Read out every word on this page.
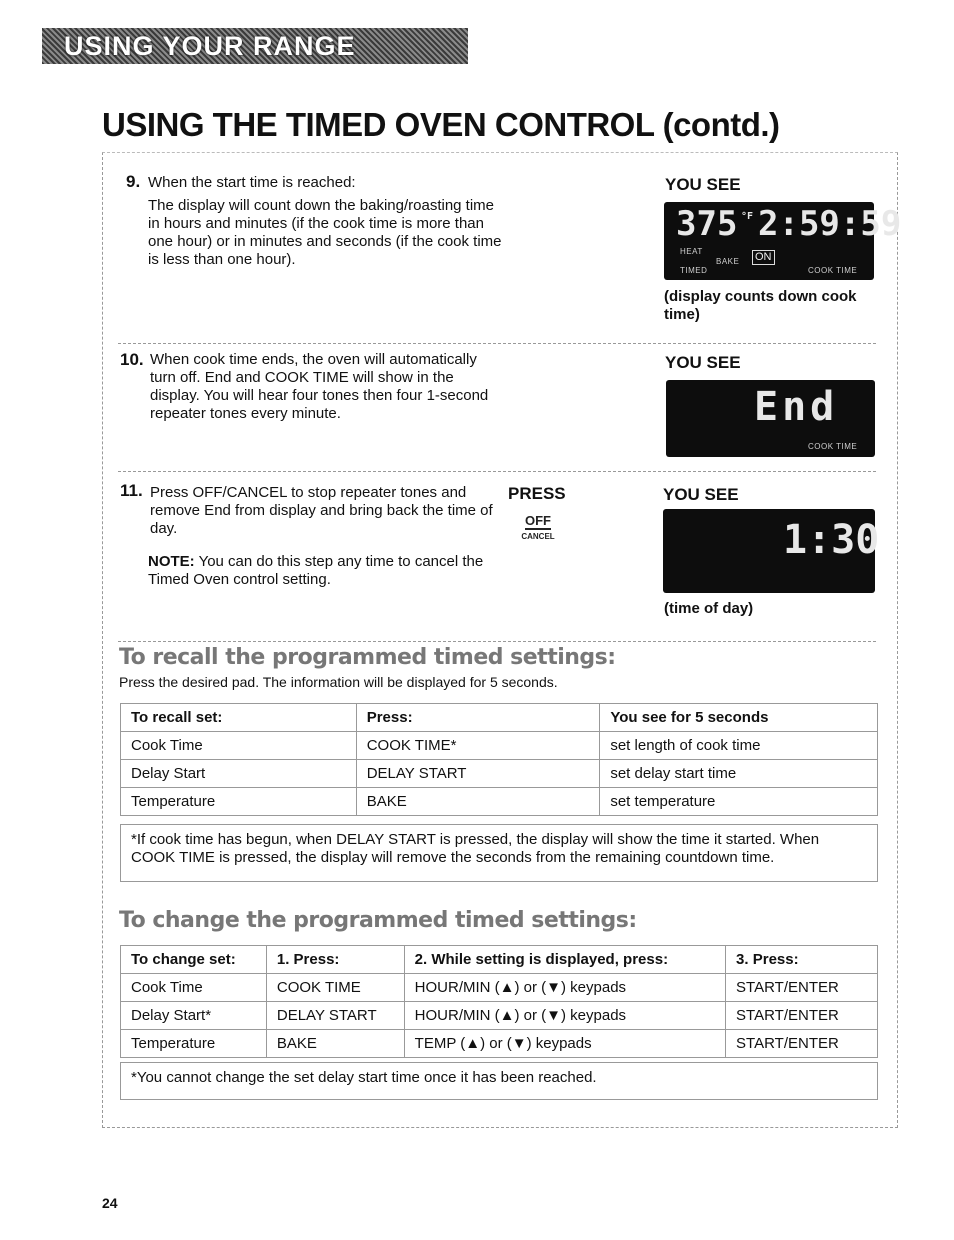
USING YOUR RANGE
USING THE TIMED OVEN CONTROL (contd.)
9. When the start time is reached:
The display will count down the baking/roasting time in hours and minutes (if the cook time is more than one hour) or in minutes and seconds (if the cook time is less than one hour).
YOU SEE
375 °F 2:59:59
HEAT
TIMED
BAKE ON
COOK TIME
(display counts down cook time)
10. When cook time ends, the oven will automatically turn off. End and COOK TIME will show in the display. You will hear four tones then four 1-second repeater tones every minute.
YOU SEE
End
COOK TIME
11. Press OFF/CANCEL to stop repeater tones and remove End from display and bring back the time of day.
NOTE: You can do this step any time to cancel the Timed Oven control setting.
PRESS
OFF
CANCEL
YOU SEE
1:30
(time of day)
To recall the programmed timed settings:
Press the desired pad. The information will be displayed for 5 seconds.
To recall set:	Press:	You see for 5 seconds
Cook Time	COOK TIME*	set length of cook time
Delay Start	DELAY START	set delay start time
Temperature	BAKE	set temperature
*If cook time has begun, when DELAY START is pressed, the display will show the time it started. When COOK TIME is pressed, the display will remove the seconds from the remaining countdown time.
To change the programmed timed settings:
To change set:	1. Press:	2. While setting is displayed, press:	3. Press:
Cook Time	COOK TIME	HOUR/MIN (▲) or (▼) keypads	START/ENTER
Delay Start*	DELAY START	HOUR/MIN (▲) or (▼) keypads	START/ENTER
Temperature	BAKE	TEMP (▲) or (▼) keypads	START/ENTER
*You cannot change the set delay start time once it has been reached.
24
